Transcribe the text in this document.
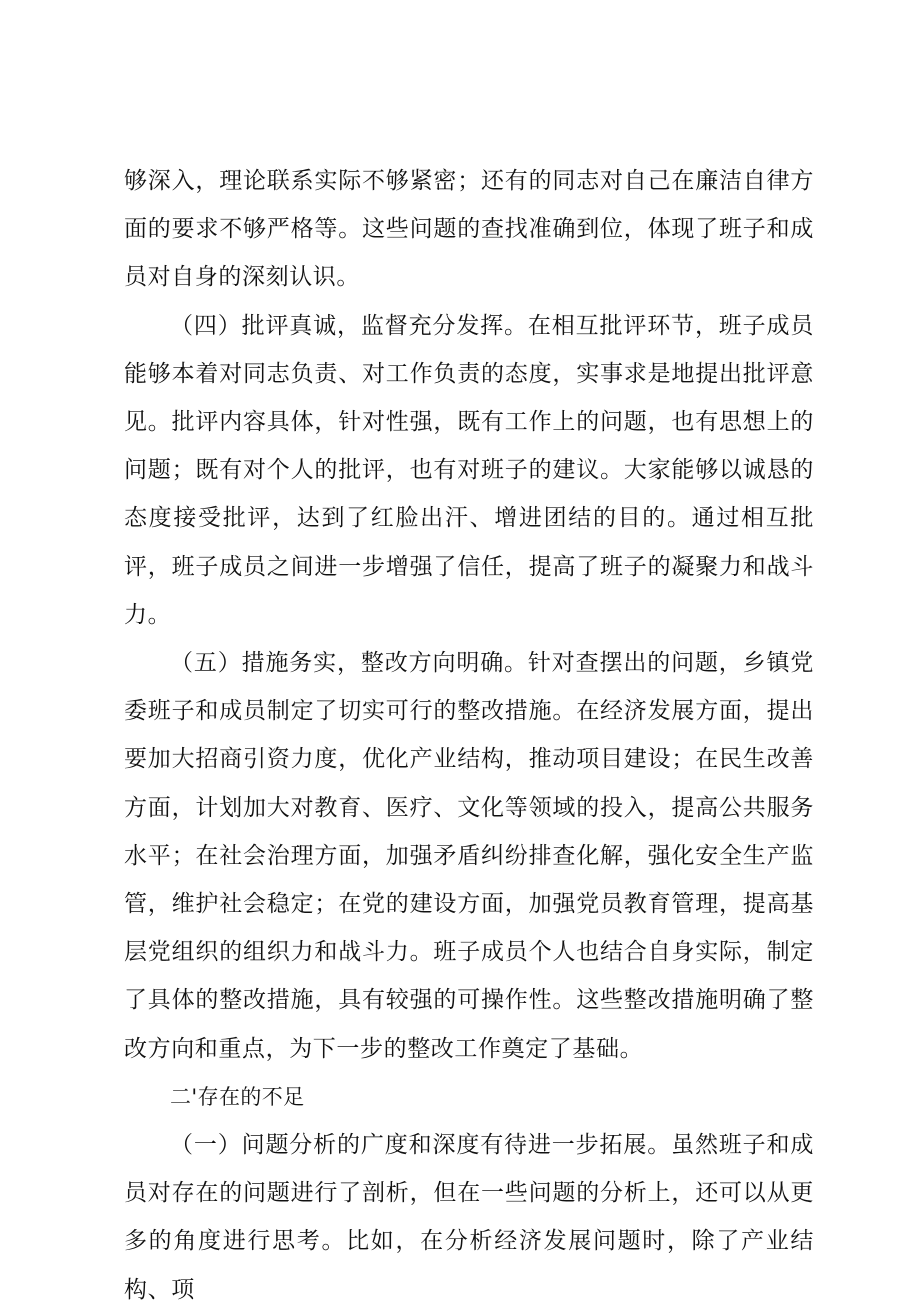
够深入，理论联系实际不够紧密；还有的同志对自己在廉洁自律方面的要求不够严格等。这些问题的查找准确到位，体现了班子和成员对自身的深刻认识。

（四）批评真诚，监督充分发挥。在相互批评环节，班子成员能够本着对同志负责、对工作负责的态度，实事求是地提出批评意见。批评内容具体，针对性强，既有工作上的问题，也有思想上的问题；既有对个人的批评，也有对班子的建议。大家能够以诚恳的态度接受批评，达到了红脸出汗、增进团结的目的。通过相互批评，班子成员之间进一步增强了信任，提高了班子的凝聚力和战斗力。

（五）措施务实，整改方向明确。针对查摆出的问题，乡镇党委班子和成员制定了切实可行的整改措施。在经济发展方面，提出要加大招商引资力度，优化产业结构，推动项目建设；在民生改善方面，计划加大对教育、医疗、文化等领域的投入，提高公共服务水平；在社会治理方面，加强矛盾纠纷排查化解，强化安全生产监管，维护社会稳定；在党的建设方面，加强党员教育管理，提高基层党组织的组织力和战斗力。班子成员个人也结合自身实际，制定了具体的整改措施，具有较强的可操作性。这些整改措施明确了整改方向和重点，为下一步的整改工作奠定了基础。

二'存在的不足

（一）问题分析的广度和深度有待进一步拓展。虽然班子和成员对存在的问题进行了剖析，但在一些问题的分析上，还可以从更多的角度进行思考。比如，在分析经济发展问题时，除了产业结构、项
